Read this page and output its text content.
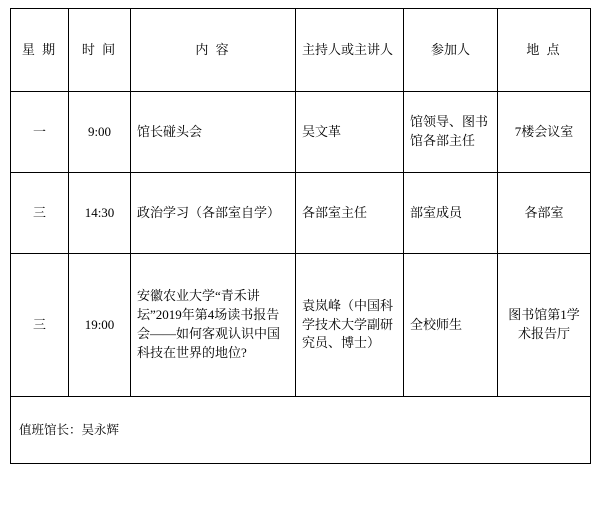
星 期	时 间	内 容	主持人或主讲人	参加人	地 点
一	9:00	馆长碰头会	吴文革	馆领导、图书馆各部主任	7楼会议室
三	14:30	政治学习（各部室自学）	各部室主任	部室成员	各部室
三	19:00	安徽农业大学“青禾讲坛”2019年第4场读书报告会——如何客观认识中国科技在世界的地位?	袁岚峰（中国科学技术大学副研究员、博士）	全校师生	图书馆第1学术报告厅
值班馆长：吴永辉					
